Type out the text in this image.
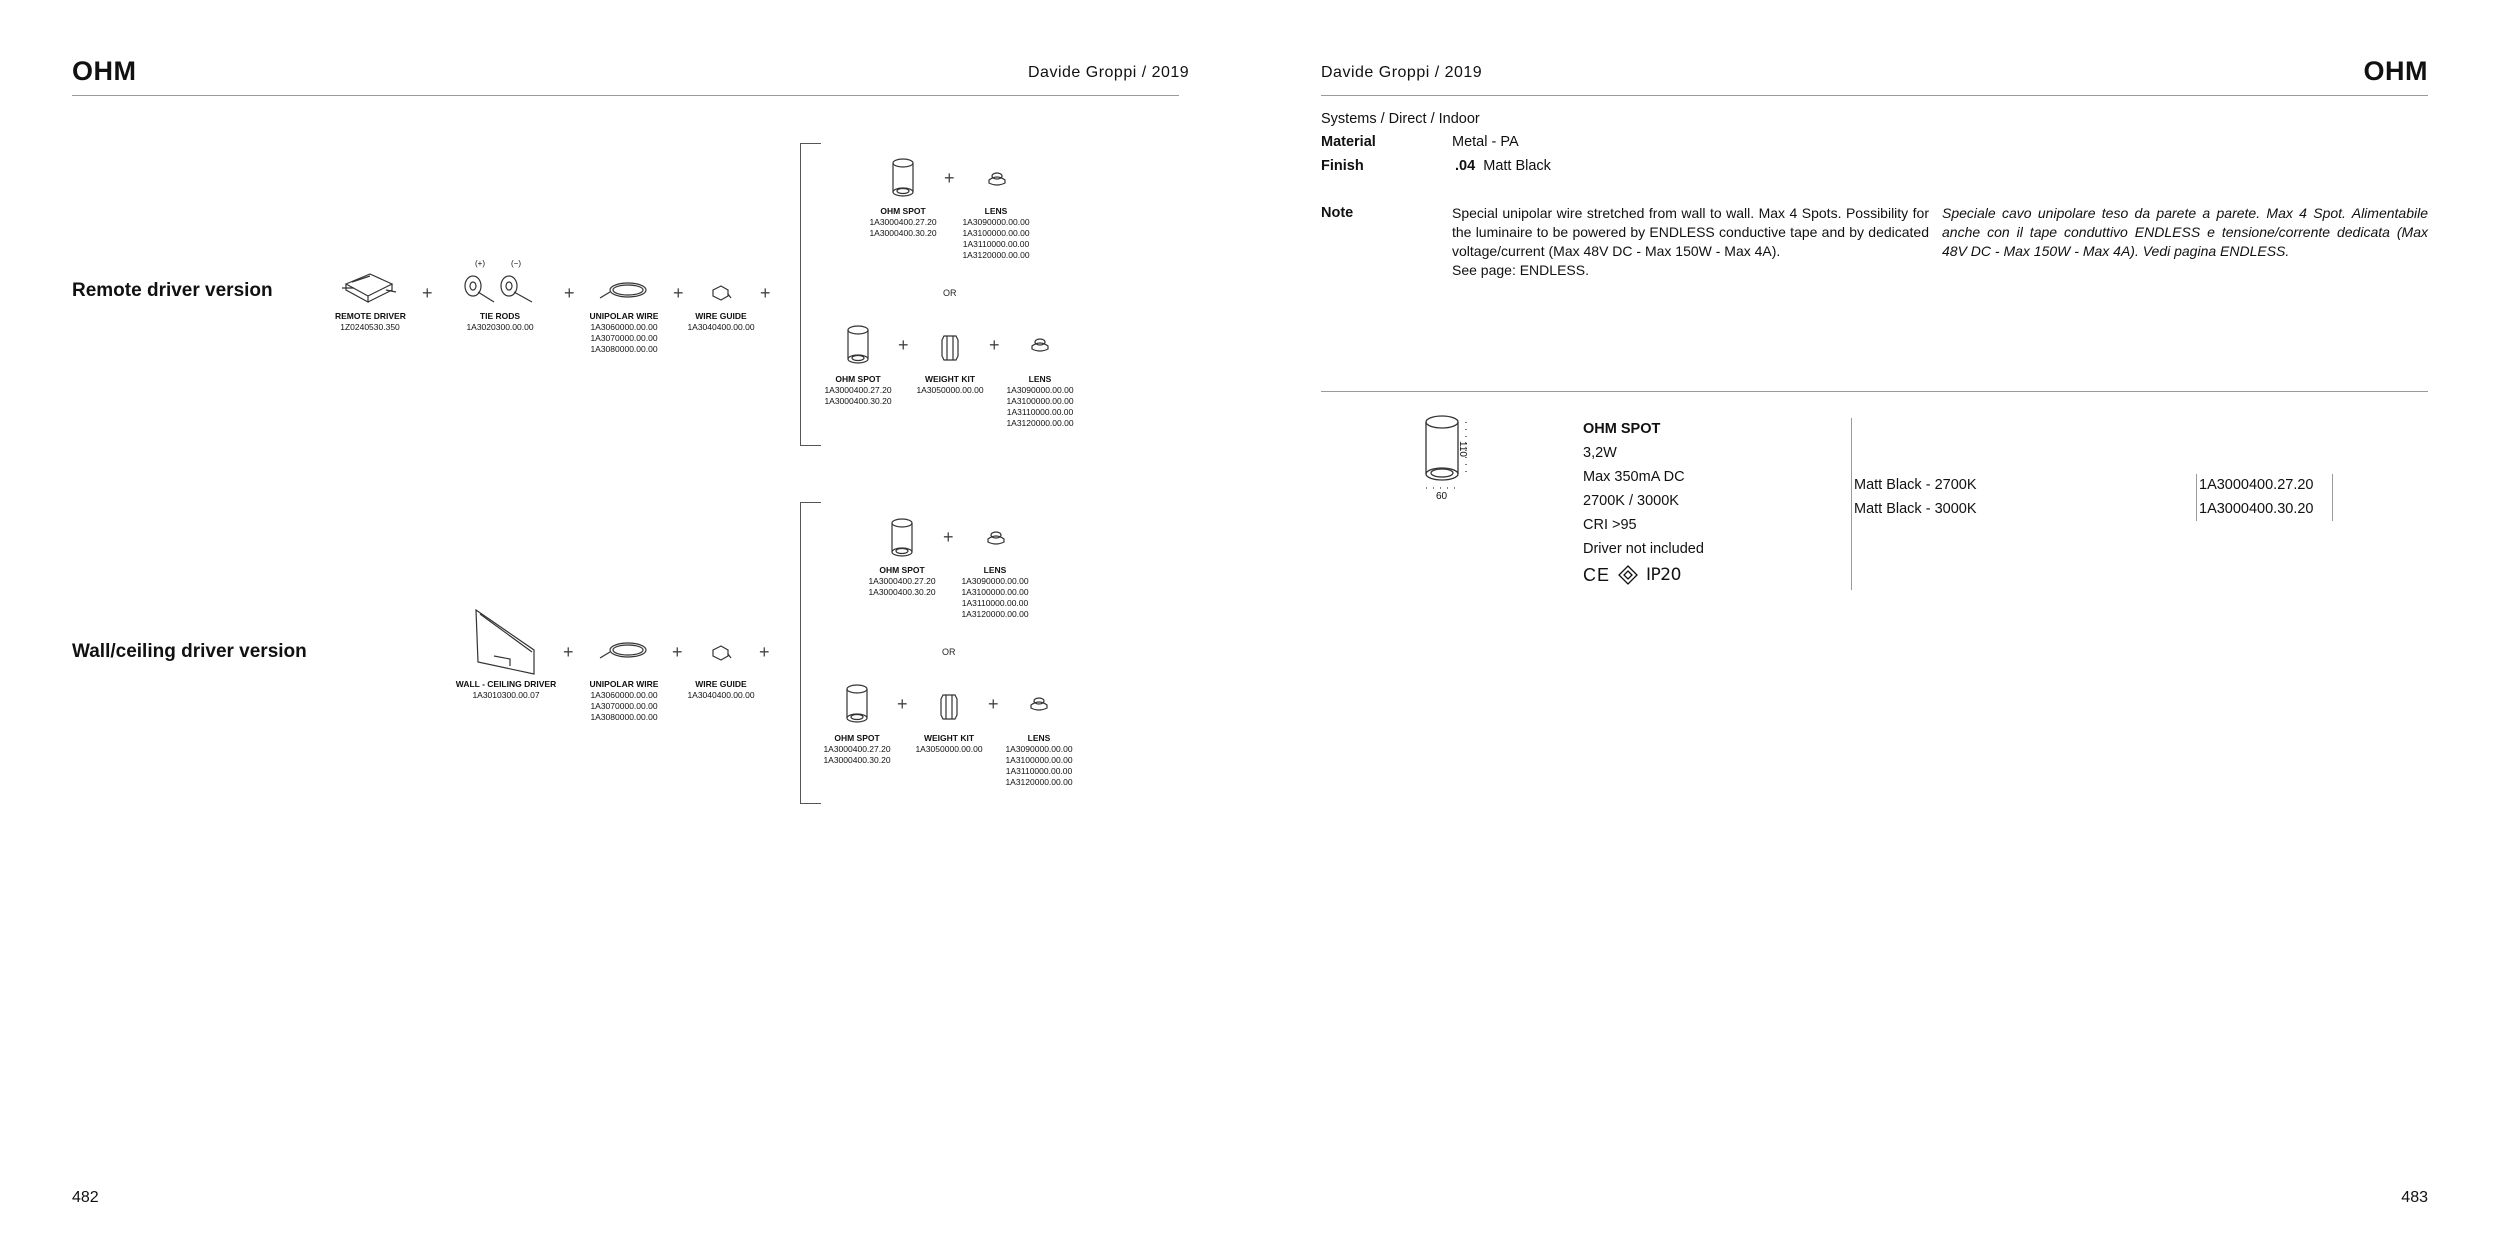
OHM	Davide Groppi / 2019
Remote driver version
REMOTE DRIVER
1Z0240530.350
+
(+)	(−)
TIE RODS
1A3020300.00.00
+
UNIPOLAR WIRE
1A3060000.00.00
1A3070000.00.00
1A3080000.00.00
+
WIRE GUIDE
1A3040400.00.00
+
OHM SPOT
1A3000400.27.20
1A3000400.30.20
+
LENS
1A3090000.00.00
1A3100000.00.00
1A3110000.00.00
1A3120000.00.00
OR
OHM SPOT
1A3000400.27.20
1A3000400.30.20
+
WEIGHT KIT
1A3050000.00.00
+
LENS
1A3090000.00.00
1A3100000.00.00
1A3110000.00.00
1A3120000.00.00
Wall/ceiling driver version
WALL - CEILING DRIVER
1A3010300.00.07
+
UNIPOLAR WIRE
1A3060000.00.00
1A3070000.00.00
1A3080000.00.00
+
WIRE GUIDE
1A3040400.00.00
+
OHM SPOT
1A3000400.27.20
1A3000400.30.20
+
LENS
1A3090000.00.00
1A3100000.00.00
1A3110000.00.00
1A3120000.00.00
OR
OHM SPOT
1A3000400.27.20
1A3000400.30.20
+
WEIGHT KIT
1A3050000.00.00
+
LENS
1A3090000.00.00
1A3100000.00.00
1A3110000.00.00
1A3120000.00.00
482
Davide Groppi / 2019	OHM
Systems / Direct / Indoor
Material	Metal - PA
Finish	.04 Matt Black
Note	Special unipolar wire stretched from wall to wall. Max 4 Spots. Possibility for the luminaire to be powered by ENDLESS conductive tape and by dedicated voltage/current (Max 48V DC - Max 150W - Max 4A).
See page: ENDLESS.
Speciale cavo unipolare teso da parete a parete. Max 4 Spot. Alimentabile anche con il tape conduttivo ENDLESS e tensione/corrente dedicata (Max 48V DC - Max 150W - Max 4A). Vedi pagina ENDLESS.
110
60
OHM SPOT
3,2W
Max 350mA DC
2700K / 3000K
CRI >95
Driver not included
CE IP20
Matt Black - 2700K	1A3000400.27.20
Matt Black - 3000K	1A3000400.30.20
483
